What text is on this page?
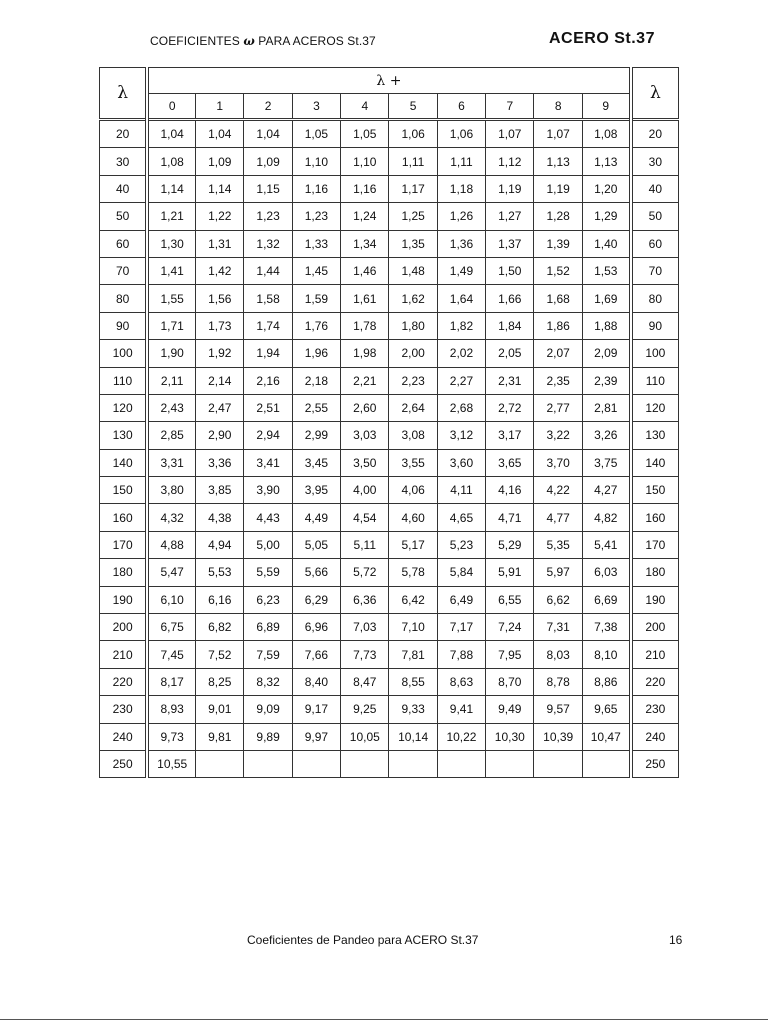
COEFICIENTES ω PARA ACEROS St.37	ACERO St.37
λ	λ +										λ
	0	1	2	3	4	5	6	7	8	9	
20	1,04	1,04	1,04	1,05	1,05	1,06	1,06	1,07	1,07	1,08	20
30	1,08	1,09	1,09	1,10	1,10	1,11	1,11	1,12	1,13	1,13	30
40	1,14	1,14	1,15	1,16	1,16	1,17	1,18	1,19	1,19	1,20	40
50	1,21	1,22	1,23	1,23	1,24	1,25	1,26	1,27	1,28	1,29	50
60	1,30	1,31	1,32	1,33	1,34	1,35	1,36	1,37	1,39	1,40	60
70	1,41	1,42	1,44	1,45	1,46	1,48	1,49	1,50	1,52	1,53	70
80	1,55	1,56	1,58	1,59	1,61	1,62	1,64	1,66	1,68	1,69	80
90	1,71	1,73	1,74	1,76	1,78	1,80	1,82	1,84	1,86	1,88	90
100	1,90	1,92	1,94	1,96	1,98	2,00	2,02	2,05	2,07	2,09	100
110	2,11	2,14	2,16	2,18	2,21	2,23	2,27	2,31	2,35	2,39	110
120	2,43	2,47	2,51	2,55	2,60	2,64	2,68	2,72	2,77	2,81	120
130	2,85	2,90	2,94	2,99	3,03	3,08	3,12	3,17	3,22	3,26	130
140	3,31	3,36	3,41	3,45	3,50	3,55	3,60	3,65	3,70	3,75	140
150	3,80	3,85	3,90	3,95	4,00	4,06	4,11	4,16	4,22	4,27	150
160	4,32	4,38	4,43	4,49	4,54	4,60	4,65	4,71	4,77	4,82	160
170	4,88	4,94	5,00	5,05	5,11	5,17	5,23	5,29	5,35	5,41	170
180	5,47	5,53	5,59	5,66	5,72	5,78	5,84	5,91	5,97	6,03	180
190	6,10	6,16	6,23	6,29	6,36	6,42	6,49	6,55	6,62	6,69	190
200	6,75	6,82	6,89	6,96	7,03	7,10	7,17	7,24	7,31	7,38	200
210	7,45	7,52	7,59	7,66	7,73	7,81	7,88	7,95	8,03	8,10	210
220	8,17	8,25	8,32	8,40	8,47	8,55	8,63	8,70	8,78	8,86	220
230	8,93	9,01	9,09	9,17	9,25	9,33	9,41	9,49	9,57	9,65	230
240	9,73	9,81	9,89	9,97	10,05	10,14	10,22	10,30	10,39	10,47	240
250	10,55										250
Coeficientes de Pandeo para ACERO St.37	16
